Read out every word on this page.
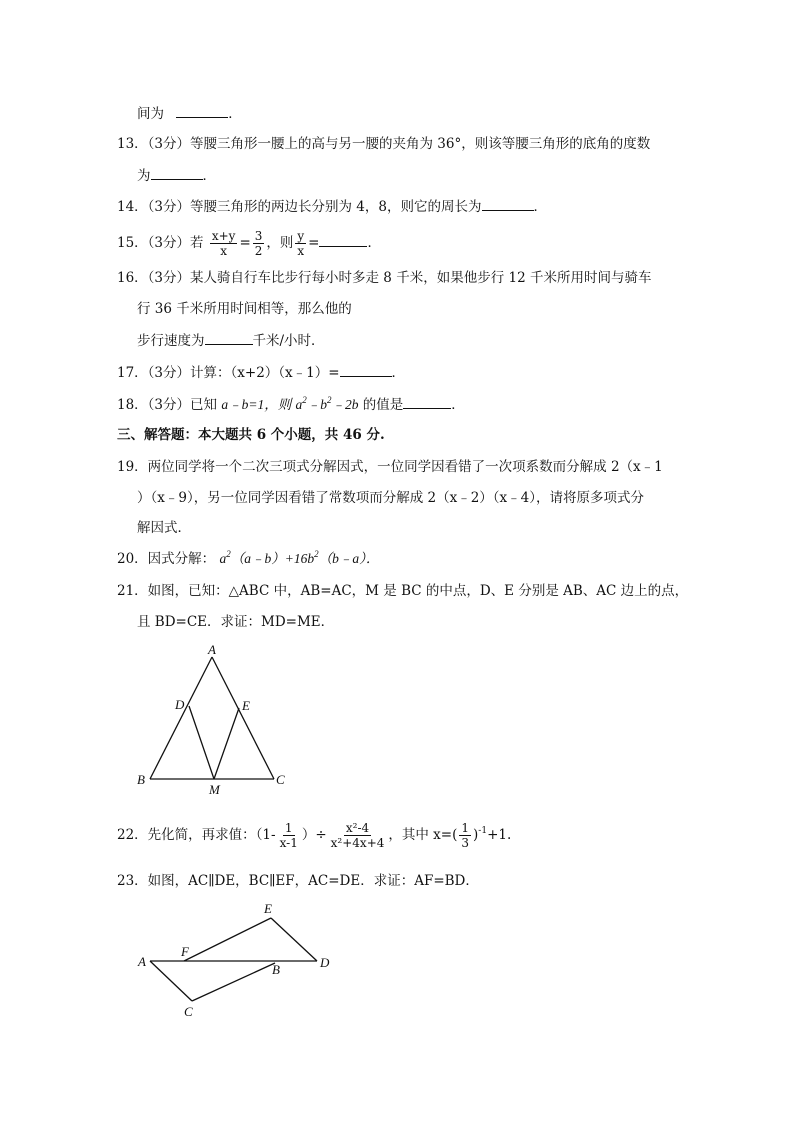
间为	．
13．（3分）等腰三角形一腰上的高与另一腰的夹角为 36°，则该等腰三角形的底角的度数
为	．
14．（3分）等腰三角形的两边长分别为 4，8，则它的周长为	．
15．（3分）若 $\frac{x+y}{x} = \frac{3}{2}$ ，则 $\frac{y}{x}$ =	．
16．（3分）某人骑自行车比步行每小时多走 8 千米，如果他步行 12 千米所用时间与骑车
行 36 千米所用时间相等，那么他的
步行速度为	千米/小时．
17．（3分）计算：（x+2）（x﹣1）=	．
18．（3分）已知 a﹣b=1，则 $a^2﹣b^2﹣2b$ 的值是	．
三、解答题：本大题共 6 个小题，共 46 分.
19．两位同学将一个二次三项式分解因式，一位同学因看错了一次项系数而分解成 2（x﹣1
）（x﹣9），另一位同学因看错了常数项而分解成 2（x﹣2）（x﹣4），请将原多项式分
解因式．
20．因式分解： $a^2(a﹣b)+16b^2(b﹣a)$．
21．如图，已知：△ABC 中，AB=AC，M 是 BC 的中点，D、E 分别是 AB、AC 边上的点，
且 BD=CE．求证：MD=ME．
A
B	C
D	E
M
22．先化简，再求值：（$1- \frac{1}{x-1}$ ）÷ $\frac{\text{x²-4}}{\text{x²+4x+4}}$ ，其中 $x=( \frac{1}{3} )^{-1}+1$.
23．如图，AC∥DE，BC∥EF，AC=DE．求证：AF=BD．
A
C
F
B	D
E
